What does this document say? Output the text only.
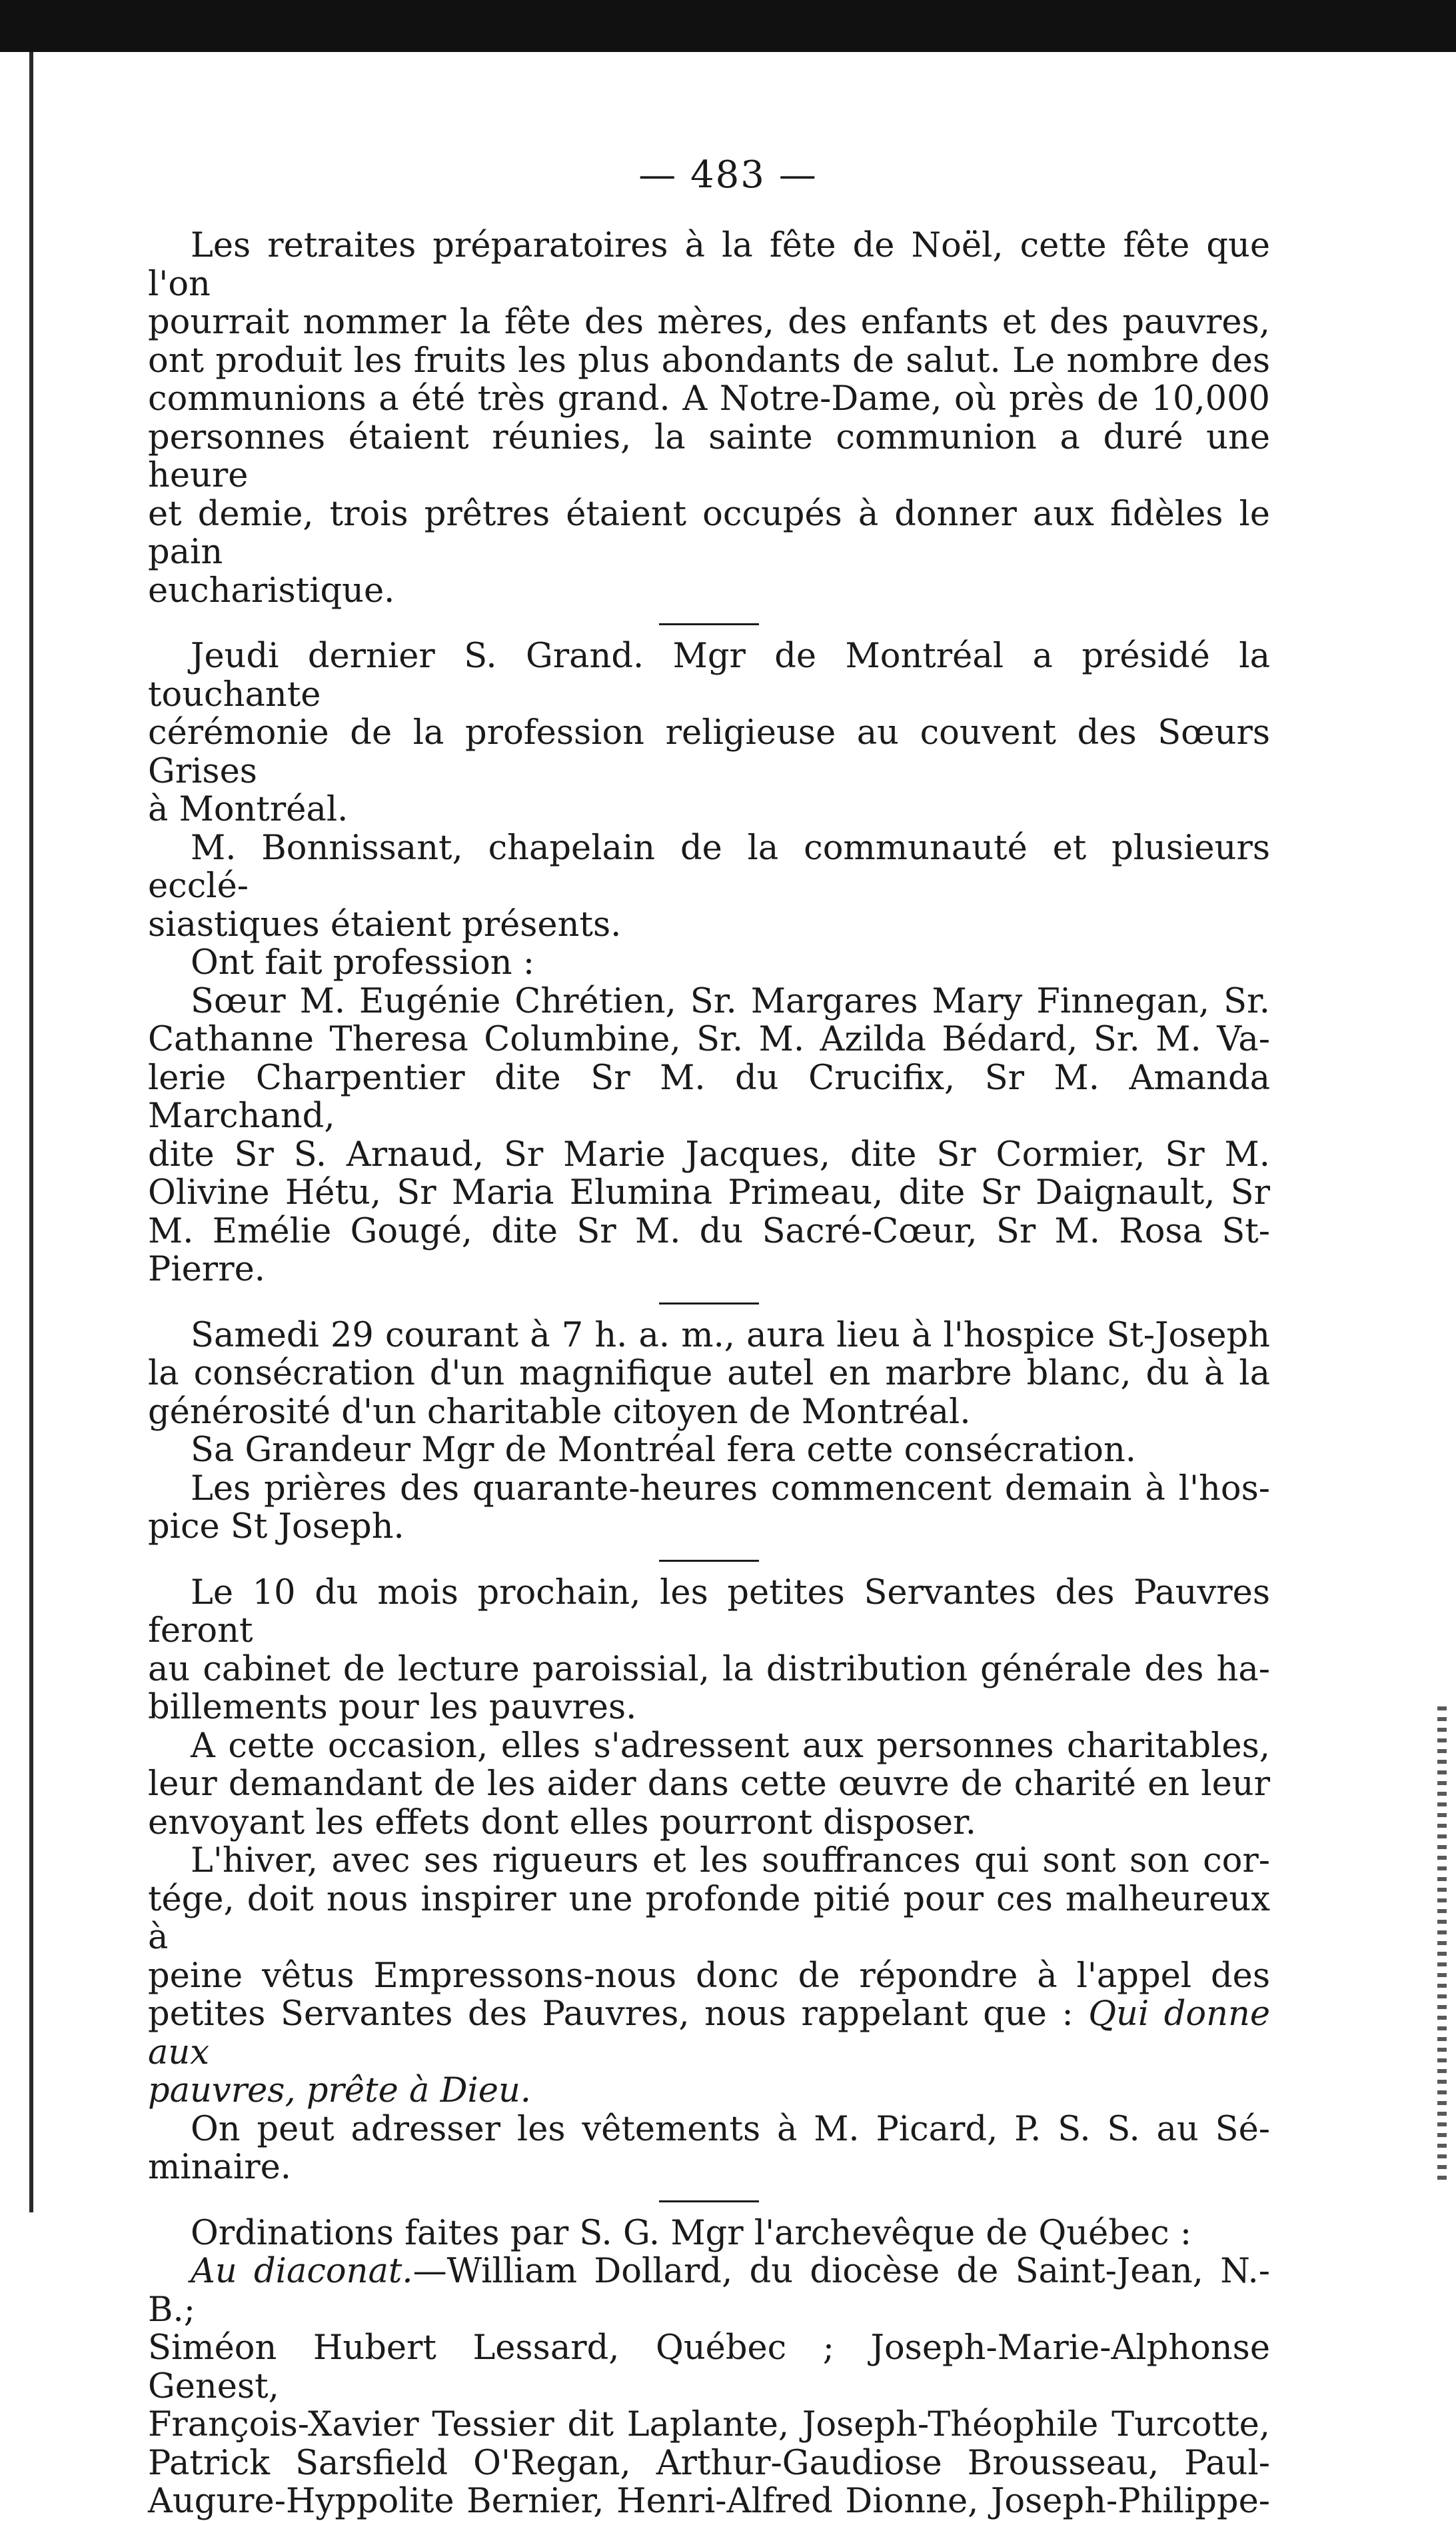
— 483 —

Les retraites préparatoires à la fête de Noël, cette fête que l'on

pourrait nommer la fête des mères, des enfants et des pauvres,

ont produit les fruits les plus abondants de salut. Le nombre des

communions a été très grand. A Notre-Dame, où près de 10,000

personnes étaient réunies, la sainte communion a duré une heure

et demie, trois prêtres étaient occupés à donner aux fidèles le pain

eucharistique.

Jeudi dernier S. Grand. Mgr de Montréal a présidé la touchante

cérémonie de la profession religieuse au couvent des Sœurs Grises

à Montréal.

M. Bonnissant, chapelain de la communauté et plusieurs ecclé-

siastiques étaient présents.

Ont fait profession :

Sœur M. Eugénie Chrétien, Sr. Margares Mary Finnegan, Sr.

Cathanne Theresa Columbine, Sr. M. Azilda Bédard, Sr. M. Va-

lerie Charpentier dite Sr M. du Crucifix, Sr M. Amanda Marchand,

dite Sr S. Arnaud, Sr Marie Jacques, dite Sr Cormier, Sr M.

Olivine Hétu, Sr Maria Elumina Primeau, dite Sr Daignault, Sr

M. Emélie Gougé, dite Sr M. du Sacré-Cœur, Sr M. Rosa St-Pierre.

Samedi 29 courant à 7 h. a. m., aura lieu à l'hospice St-Joseph

la consécration d'un magnifique autel en marbre blanc, du à la

générosité d'un charitable citoyen de Montréal.

Sa Grandeur Mgr de Montréal fera cette consécration.

Les prières des quarante-heures commencent demain à l'hos-

pice St Joseph.

Le 10 du mois prochain, les petites Servantes des Pauvres feront

au cabinet de lecture paroissial, la distribution générale des ha-

billements pour les pauvres.

A cette occasion, elles s'adressent aux personnes charitables,

leur demandant de les aider dans cette œuvre de charité en leur

envoyant les effets dont elles pourront disposer.

L'hiver, avec ses rigueurs et les souffrances qui sont son cor-

tége, doit nous inspirer une profonde pitié pour ces malheureux à

peine vêtus Empressons-nous donc de répondre à l'appel des

petites Servantes des Pauvres, nous rappelant que : Qui donne aux

pauvres, prête à Dieu.

On peut adresser les vêtements à M. Picard, P. S. S. au Sé-

minaire.

Ordinations faites par S. G. Mgr l'archevêque de Québec :

Au diaconat.—William Dollard, du diocèse de Saint-Jean, N.-B.;

Siméon Hubert Lessard, Québec ; Joseph-Marie-Alphonse Genest,

François-Xavier Tessier dit Laplante, Joseph-Théophile Turcotte,

Patrick Sarsfield O'Regan, Arthur-Gaudiose Brousseau, Paul-

Augure-Hyppolite Bernier, Henri-Alfred Dionne, Joseph-Philippe-
